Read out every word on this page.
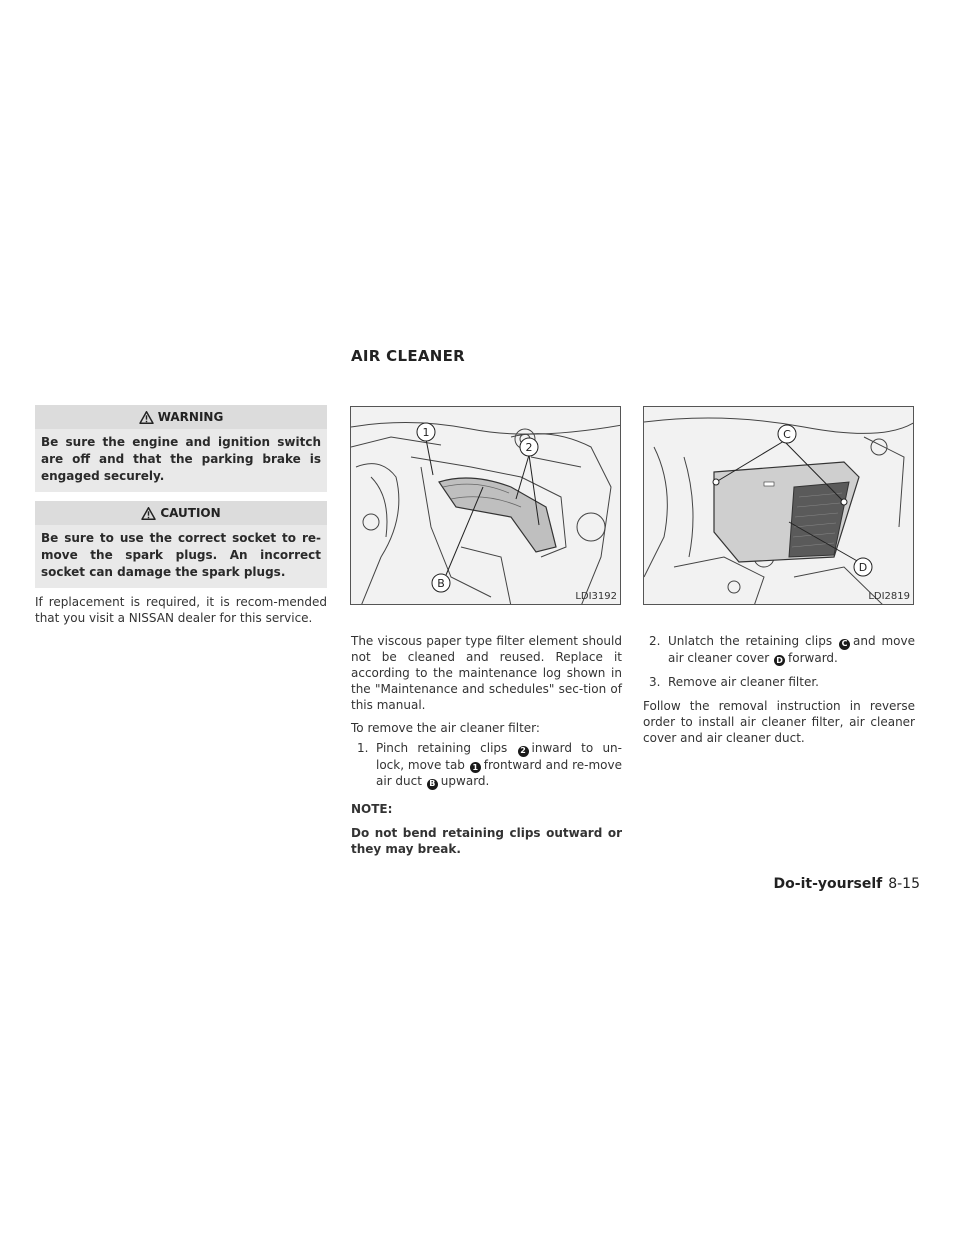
AIR CLEANER
WARNING
Be sure the engine and ignition switch are off and that the parking brake is engaged securely.
CAUTION
Be sure to use the correct socket to re-move the spark plugs. An incorrect socket can damage the spark plugs.
If replacement is required, it is recom-mended that you visit a NISSAN dealer for this service.
1
2
B
LDI3192
C
D
LDI2819

The viscous paper type filter element should not be cleaned and reused. Replace it according to the maintenance log shown in the "Maintenance and schedules" sec-tion of this manual.

To remove the air cleaner filter:

1. Pinch retaining clips 2 inward to un-lock, move tab 1 frontward and re-move air duct B upward.
NOTE:
Do not bend retaining clips outward or they may break.
2. Unlatch the retaining clips C and move air cleaner cover D forward.
3. Remove air cleaner filter.

Follow the removal instruction in reverse order to install air cleaner filter, air cleaner cover and air cleaner duct.

Do-it-yourself 8-15
